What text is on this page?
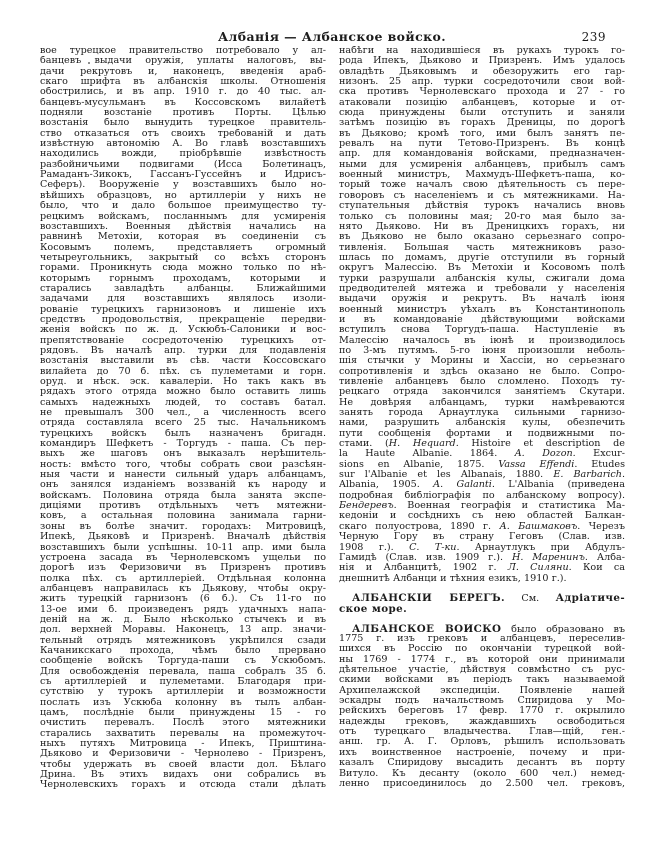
Албанія — Албанское войско.	239
вое турецкое правительство потребовало у ал-
банцевъ выдачи оружія, уплаты налоговъ, вы-
дачи рекрутовъ и, наконецъ, введенія араб-
скаго шрифта въ албанскія школы. Отношенія
обострились, и въ апр. 1910 г. до 40 тыс. ал-
банцевъ-мусульманъ въ Коссовскомъ вилайетѣ
подняли возстаніе противъ Порты. Цѣлью
возстанія было вынудить турецкое правитель-
ство отказаться отъ своихъ требованій и дать
извѣстную автономію А. Во главѣ возставшихъ
находились вожди, пріобрѣвшіе извѣстность
разбойничьими подвигами (Исса Болетинацъ,
Рамаданъ-Зикокъ, Гассанъ-Гуссейнъ и Идрисъ-
Сеферъ). Вооруженіе у возставшихъ было но-
вѣйшихъ образцовъ, но артиллеріи у нихъ не
было, что и дало большое преимущество ту-
рецкимъ войскамъ, посланнымъ для усмиренія
возставшихъ. Военныя дѣйствія начались на
равнинѣ Метохіи, которая въ соединеніи съ
Косовымъ полемъ, представляетъ огромный
четыреугольникъ, закрытый со всѣхъ сторонъ
горами. Проникнуть сюда можно только по нѣ-
которымъ горнымъ проходамъ, которыми и
старались завладѣть албанцы. Ближайшими
задачами для возставшихъ являлось изоли-
рованіе турецкихъ гарнизоновъ и лишеніе ихъ
средствъ продовольствія, прекращеніе передви-
женія войскъ по ж. д. Ускюбъ-Салоники и вос-
препятствованіе сосредоточенію турецкихъ от-
рядовъ. Въ началѣ апр. турки для подавленія
возстанія выставили въ сѣв. части Коссовскаго
вилайета до 70 б. пѣх. съ пулеметами и горн.
оруд. и нѣск. эск. кавалеріи. Но такъ какъ въ
рядахъ этого отряда можно было оставить лишь
самыхъ надежныхъ людей, то составъ батал.
не превышалъ 300 чел., а численность всего
отряда составляла всего 25 тыс. Начальникомъ
турецкихъ войскъ былъ назначенъ бригадн.
командиръ Шефкетъ - Торгудъ - паша. Съ пер-
выхъ же шаговъ онъ выказалъ нерѣшитель-
ность: вмѣсто того, чтобы собрать свои разсѣян-
ныя части и нанести сильный ударъ албанцамъ,
онъ занялся изданіемъ воззваній къ народу и
войскамъ. Половина отряда была занята экспе-
диціями противъ отдѣльныхъ четъ мятежни-
ковъ, а остальная половина занимала гарни-
зоны въ болѣе значит. городахъ: Митровицѣ,
Ипекѣ, Дьяковѣ и Призренѣ. Вначалѣ дѣйствія
возставшихъ были успѣшны. 10-11 апр. ими была
устроена засада въ Чернолевскомъ ущельи по
дорогѣ изъ Феризовичи въ Призренъ противъ
полка пѣх. съ артиллеріей. Отдѣльная колонна
албанцевъ направилась къ Дьякову, чтобы окру-
жить турецкій гарнизонъ (6 б.). Съ 11-го по
13-ое ими б. произведенъ рядъ удачныхъ напа-
деній на ж. д. Было нѣсколько стычекъ и въ
дол. верхней Моравы. Наконецъ, 13 апр. значи-
тельный отрядъ мятежниковъ укрѣпился сзади
Качаникскаго прохода, чѣмъ было прервано
сообщеніе войскъ Торгуда-паши съ Ускюбомъ.
Для освобожденія перевала, паша собралъ 35 б.
съ артиллеріей и пулеметами. Благодаря при-
сутствію у турокъ артиллеріи и возможности
послать изъ Ускюба колонну въ тылъ албан-
цамъ, послѣдніе были принуждены 15 - го
очистить перевалъ. Послѣ этого мятежники
старались захватить перевалы на промежуточ-
ныхъ путяхъ Митровица - Ипекъ, Приштина-
Дьяково и Феризовичи - Чернолево - Призренъ,
чтобы удержать въ своей власти дол. Бѣлаго
Дрина. Въ этихъ видахъ они собрались въ
Чернолевскихъ горахъ и отсюда стали дѣлать
набѣги на находившіеся въ рукахъ турокъ го-
рода Ипекъ, Дьяково и Призренъ. Имъ удалось
овладѣть Дьяковымъ и обезоружить его гар-
низонъ. 25 апр. турки сосредоточили свои вой-
ска противъ Чернолевскаго прохода и 27 - го
атаковали позицію албанцевъ, которые и от-
сюда принуждены были отступить и заняли
затѣмъ позицію въ горахъ Дреницы, по дорогѣ
въ Дьяково; кромѣ того, ими былъ занятъ пе-
ревалъ на пути Тетово-Призренъ. Въ концѣ
апр. для командованія войсками, предназначен-
ными для усмиренія албанцевъ, прибылъ самъ
военный министръ, Махмудъ-Шефкетъ-паша, ко-
торый тоже началъ свою дѣятельность съ пере-
говоровъ съ населеніемъ и съ мятежниками. На-
ступательныя дѣйствія турокъ начались вновь
только съ половины мая; 20-го мая было за-
нято Дьяково. Ни въ Дреницкихъ горахъ, ни
въ Дьяково не было оказано серьезнаго сопро-
тивленія. Большая часть мятежниковъ разо-
шлась по домамъ, другіе отступили въ горный
округъ Малессію. Въ Метохіи и Косовомъ полѣ
турки разрушали албанскія кулы, сжигали дома
предводителей мятежа и требовали у населенія
выдачи оружія и рекрутъ. Въ началѣ іюня
военный министръ уѣхалъ въ Константинополь
и въ командованіе дѣйствующими войсками
вступилъ снова Торгудъ-паша. Наступленіе въ
Малессію началось въ іюнѣ и производилось
по 3-мъ путямъ. 5-го іюня произошли неболь-
шія стычки у Морины и Хассіи, но серьезнаго
сопротивленія и здѣсь оказано не было. Сопро-
тивленіе албанцевъ было сломлено. Походъ ту-
рецкаго отряда закончился занятіемъ Скутари.
Не довѣряя албанцамъ, турки намѣреваются
занять города Арнаутлука сильными гарнизо-
нами, разрушить албанскія кулы, обезпечить
пути сообщенія фортами и подвижными по-
стами. (Н. Hequard. Histoire et description de
la Haute Albanie. 1864. A. Dozon. Excur-
sions en Albanie, 1875. Vassa Effendi. Etudes
sur l'Albanie et les Albanais, 1880. E. Barbarich.
Albania, 1905. A. Galanti. L'Albania (приведена
подробная библіографія по албанскому вопросу).
Бендеревъ. Военная географія и статистика Ма-
кедоніи и сосѣднихъ съ нею областей Балкан-
скаго полуострова, 1890 г. А. Башмаковъ. Черезъ
Черную Гору въ страну Геговъ (Слав. изв.
1908 г.). С. Т-ки. Арнаутлукъ при Абдулъ-
Гамидѣ (Слав. изв. 1909 г.). Н. Маренинъ. Алба-
нія и Албанцитѣ, 1902 г. Л. Силяни. Кои са
днешнитѣ Албанци и тѣхния езикъ, 1910 г.).
АЛБАНСКІЙ БЕРЕГЪ. См. Адріатиче-
ское море.
АЛБАНСКОЕ ВОЙСКО было образовано въ
1775 г. изъ грековъ и албанцевъ, переселив-
шихся въ Россію по окончаніи турецкой вой-
ны 1769 - 1774 г., въ которой они принимали
дѣятельное участіе, дѣйствуя совмѣстно съ рус-
скими войсками въ періодъ такъ называемой
Архипелажской экспедиціи. Появленіе нашей
эскадры подъ начальствомъ Спиридова у Мо-
рейскихъ береговъ 17 февр. 1770 г. окрылило
надежды грековъ, жаждавшихъ освободиться
отъ турецкаго владычества. Глав—щій, ген.-
анш. гр. А. Г. Орловъ, рѣшилъ использовать
ихъ воинственное настроеніе, почему и при-
казалъ Спиридову высадить десантъ въ порту
Витуло. Къ десанту (около 600 чел.) немед-
ленно присоединилось до 2.500 чел. грековъ,
